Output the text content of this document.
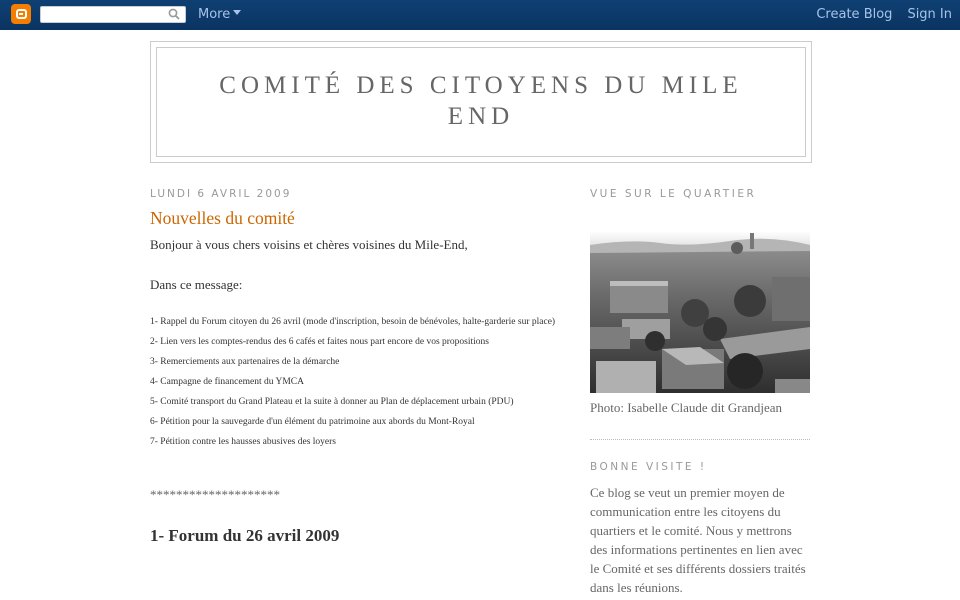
More	Create Blog Sign In
COMITÉ DES CITOYENS DU MILE END
LUNDI 6 AVRIL 2009
Nouvelles du comité

Bonjour à vous chers voisins et chères voisines du Mile-End,

Dans ce message:

1- Rappel du Forum citoyen du 26 avril (mode d'inscription, besoin de bénévoles, halte-garderie sur place)
2- Lien vers les comptes-rendus des 6 cafés et faites nous part encore de vos propositions
3- Remerciements aux partenaires de la démarche
4- Campagne de financement du YMCA
5- Comité transport du Grand Plateau et la suite à donner au Plan de déplacement urbain (PDU)
6- Pétition pour la sauvegarde d'un élément du patrimoine aux abords du Mont-Royal
7- Pétition contre les hausses abusives des loyers
********************
1- Forum du 26 avril 2009
VUE SUR LE QUARTIER
Photo: Isabelle Claude dit Grandjean
BONNE VISITE !
Ce blog se veut un premier moyen de communication entre les citoyens du quartiers et le comité. Nous y mettrons des informations pertinentes en lien avec le Comité et ses différents dossiers traités dans les réunions.
